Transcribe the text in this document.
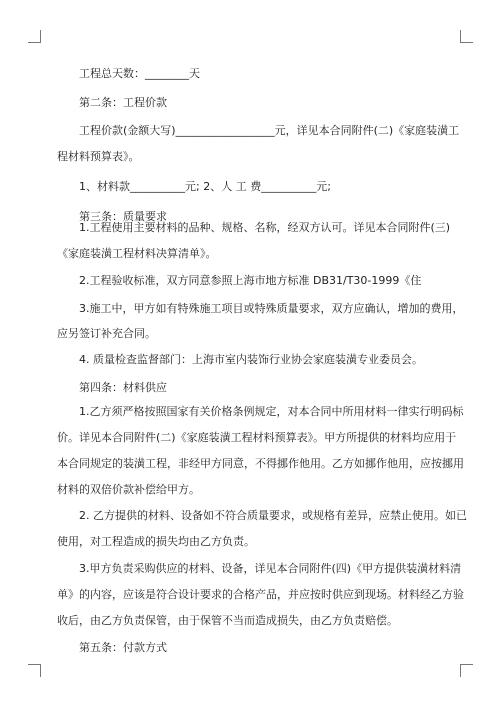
工程总天数：________天
第二条：工程价款
工程价款(金额大写)__________________元，详见本合同附件(二)《家庭装潢工
程材料预算表》。
1、材料款__________元; 2、人 工 费__________元;
第三条：质量要求
1.工程使用主要材料的品种、规格、名称，经双方认可。详见本合同附件(三)
《家庭装潢工程材料决算清单》。
2.工程验收标准，双方同意参照上海市地方标准 DB31/T30-1999《住
3.施工中，甲方如有特殊施工项目或特殊质量要求，双方应确认，增加的费用，
应另签订补充合同。
4. 质量检查监督部门：上海市室内装饰行业协会家庭装潢专业委员会。
第四条：材料供应
1.乙方须严格按照国家有关价格条例规定，对本合同中所用材料一律实行明码标
价。详见本合同附件(二)《家庭装潢工程材料预算表》。甲方所提供的材料均应用于
本合同规定的装潢工程，非经甲方同意，不得挪作他用。乙方如挪作他用，应按挪用
材料的双倍价款补偿给甲方。
2. 乙方提供的材料、设备如不符合质量要求，或规格有差异，应禁止使用。如已
使用，对工程造成的损失均由乙方负责。
3.甲方负责采购供应的材料、设备，详见本合同附件(四)《甲方提供装潢材料清
单》的内容，应该是符合设计要求的合格产品，并应按时供应到现场。材料经乙方验
收后，由乙方负责保管，由于保管不当而造成损失，由乙方负责赔偿。
第五条：付款方式
